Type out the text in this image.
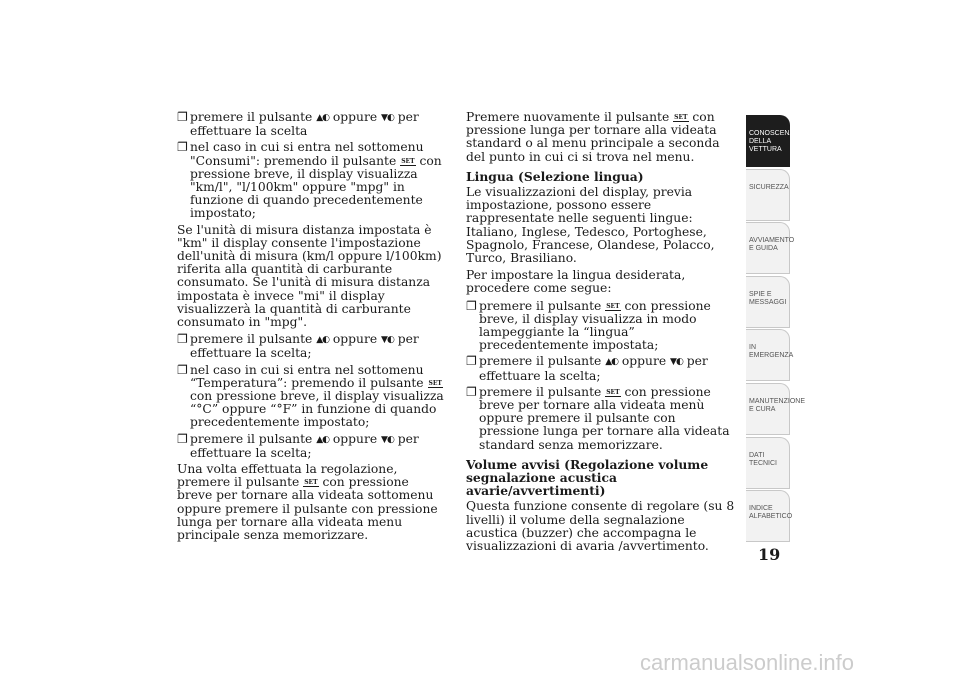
❐ premere il pulsante ▲◐ oppure ▼◐ per effettuare la scelta
❐ nel caso in cui si entra nel sottomenu "Consumi": premendo il pulsante SET con pressione breve, il display visualizza "km/l", "l/100km" oppure "mpg" in funzione di quando precedentemente impostato;

Se l'unità di misura distanza impostata è "km" il display consente l'impostazione dell'unità di misura (km/l oppure l/100km) riferita alla quantità di carburante consumato. Se l'unità di misura distanza impostata è invece "mi" il display visualizzerà la quantità di carburante consumato in "mpg".

❐ premere il pulsante ▲◐ oppure ▼◐ per effettuare la scelta;
❐ nel caso in cui si entra nel sottomenu “Temperatura”: premendo il pulsante SET con pressione breve, il display visualizza “°C” oppure “°F” in funzione di quando precedentemente impostato;
❐ premere il pulsante ▲◐ oppure ▼◐ per effettuare la scelta;

Una volta effettuata la regolazione, premere il pulsante SET con pressione breve per tornare alla videata sottomenu oppure premere il pulsante con pressione lunga per tornare alla videata menu principale senza memorizzare.

Premere nuovamente il pulsante SET con pressione lunga per tornare alla videata standard o al menu principale a seconda del punto in cui ci si trova nel menu.

Lingua (Selezione lingua)

Le visualizzazioni del display, previa impostazione, possono essere rappresentate nelle seguenti lingue: Italiano, Inglese, Tedesco, Portoghese, Spagnolo, Francese, Olandese, Polacco, Turco, Brasiliano.

Per impostare la lingua desiderata, procedere come segue:

❐ premere il pulsante SET con pressione breve, il display visualizza in modo lampeggiante la “lingua” precedentemente impostata;
❐ premere il pulsante ▲◐ oppure ▼◐ per effettuare la scelta;
❐ premere il pulsante SET con pressione breve per tornare alla videata menù oppure premere il pulsante con pressione lunga per tornare alla videata standard senza memorizzare.
Volume avvisi (Regolazione volume segnalazione acustica avarie/avvertimenti)

Questa funzione consente di regolare (su 8 livelli) il volume della segnalazione acustica (buzzer) che accompagna le visualizzazioni di avaria /avvertimento.

CONOSCENZA DELLA VETTURA
SICUREZZA
AVVIAMENTO E GUIDA
SPIE E MESSAGGI
IN EMERGENZA
MANUTENZIONE E CURA
DATI TECNICI
INDICE ALFABETICO
19
carmanualsonline.info
